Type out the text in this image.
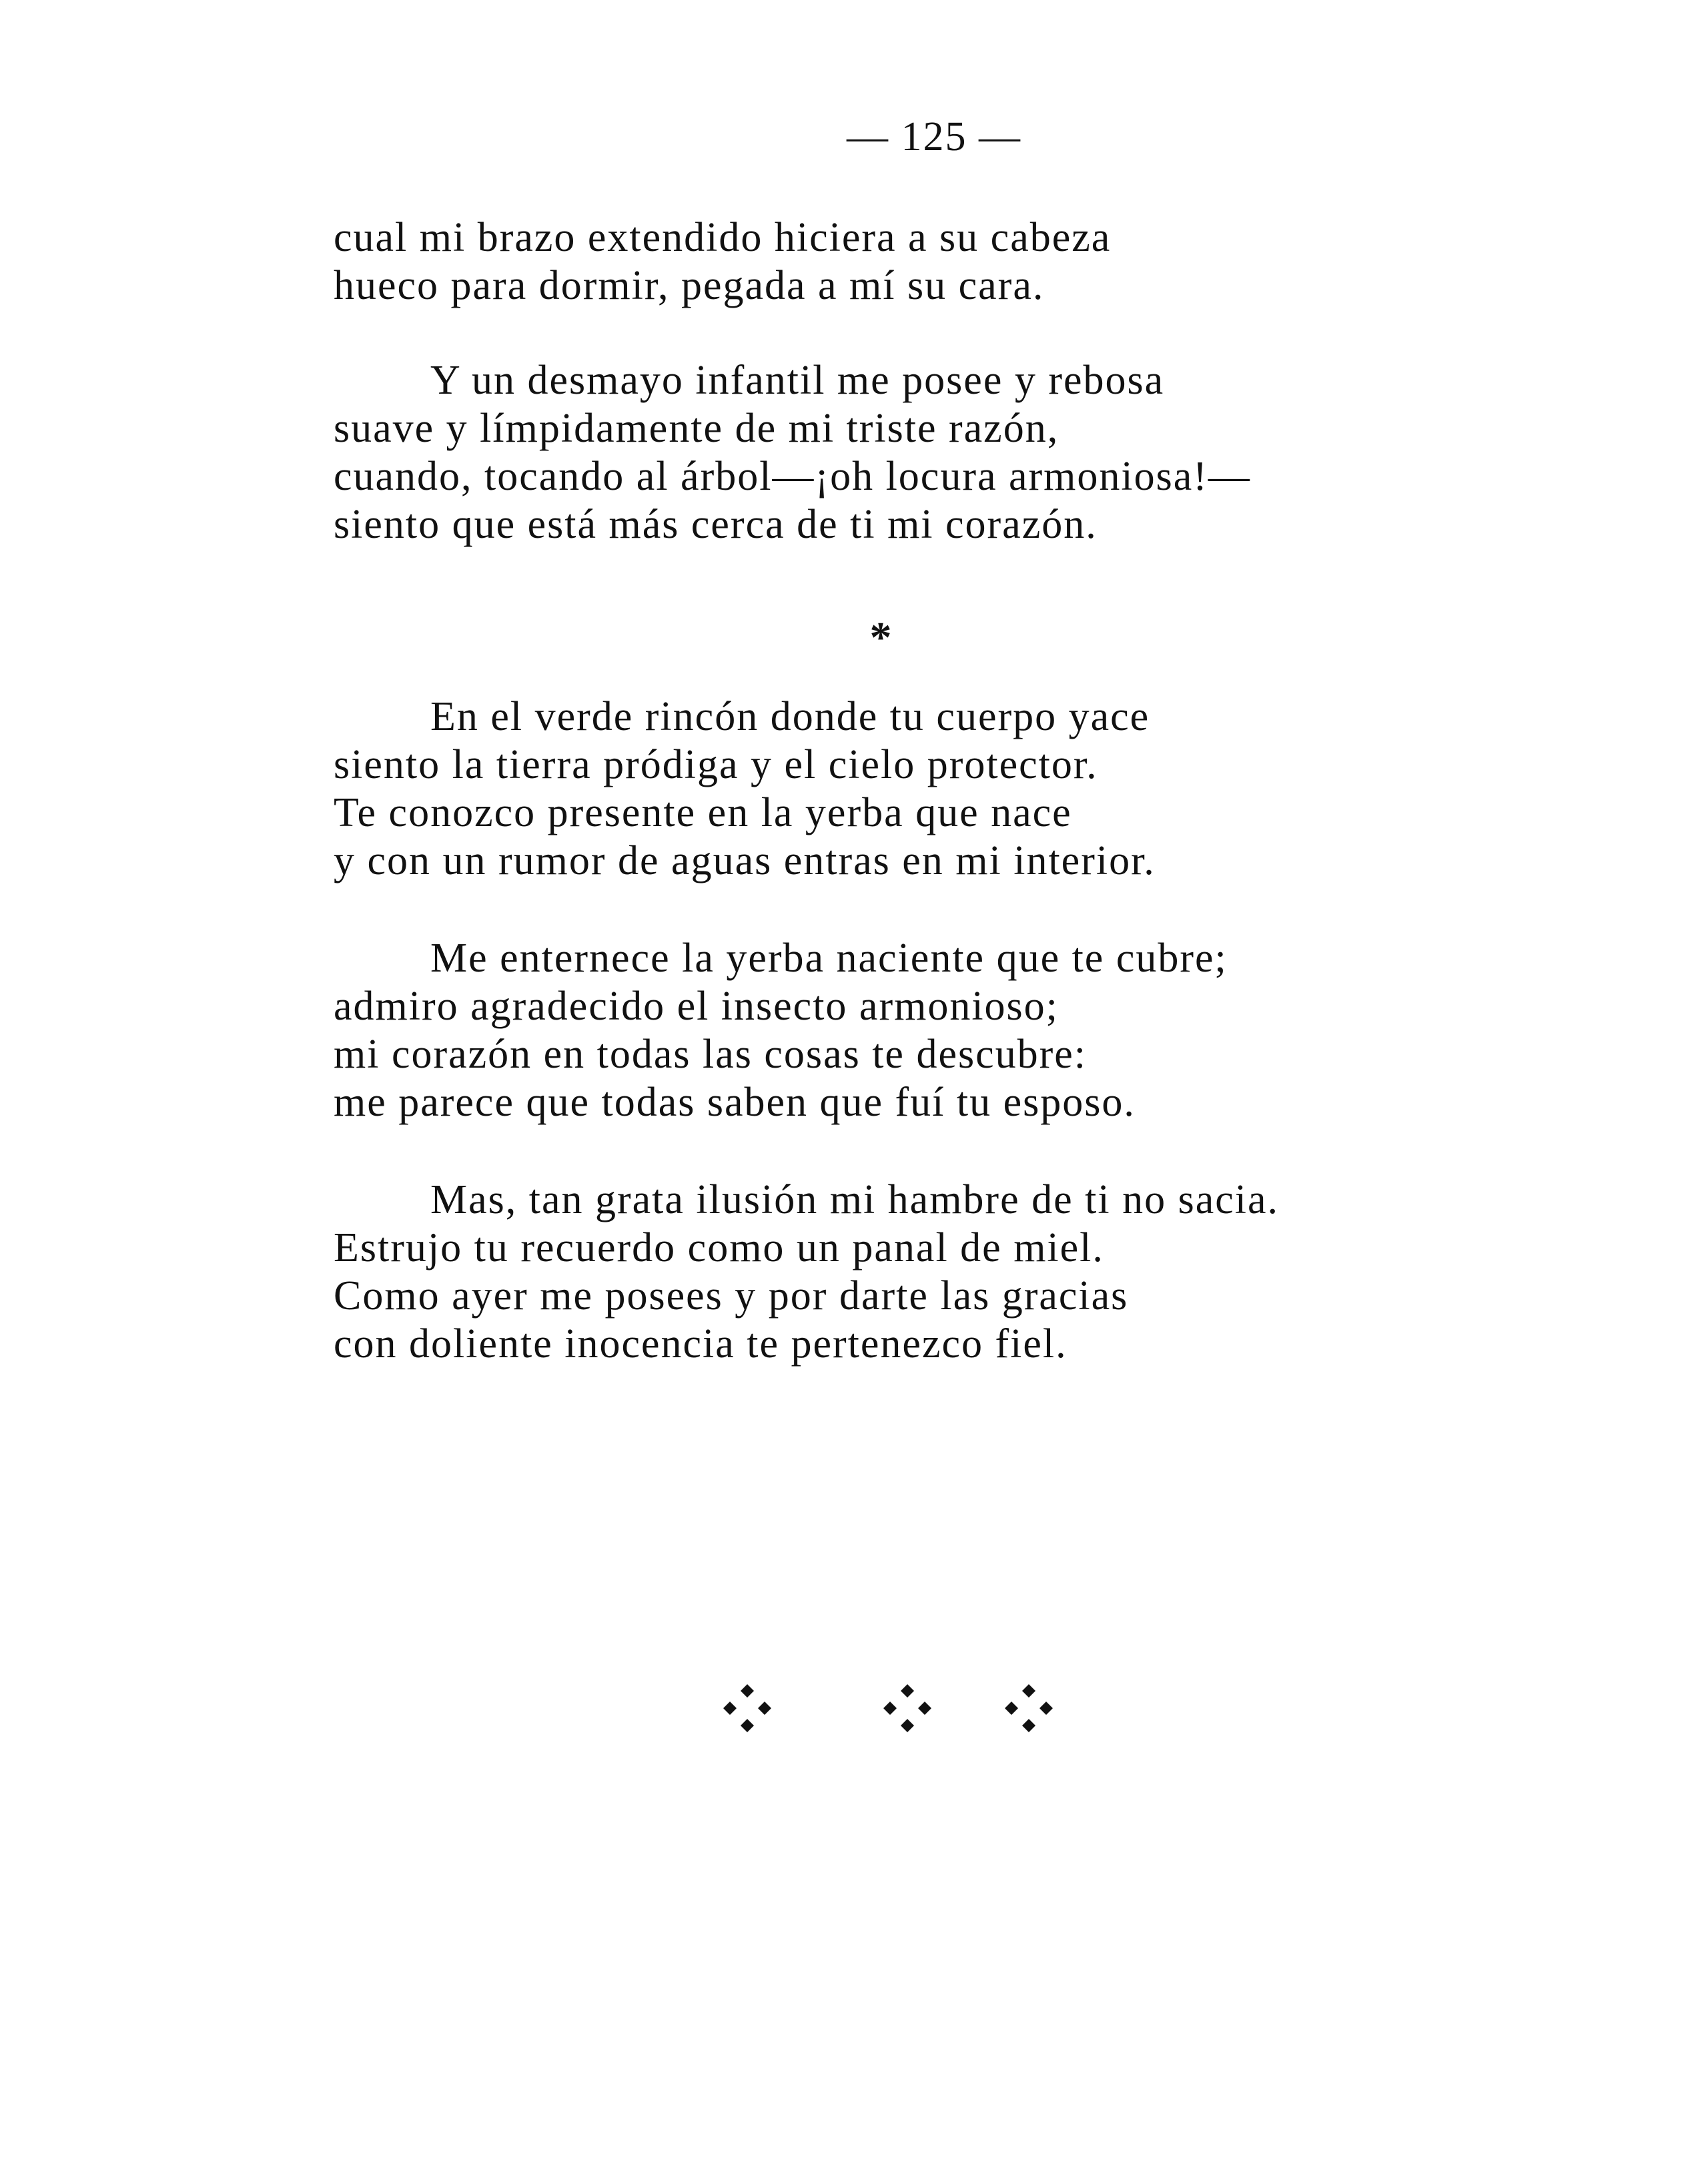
— 125 —
cual mi brazo extendido hiciera a su cabeza
hueco para dormir, pegada a mí su cara.
Y un desmayo infantil me posee y rebosa
suave y límpidamente de mi triste razón,
cuando, tocando al árbol—¡oh locura armoniosa!—
siento que está más cerca de ti mi corazón.
*
En el verde rincón donde tu cuerpo yace
siento la tierra pródiga y el cielo protector.
Te conozco presente en la yerba que nace
y con un rumor de aguas entras en mi interior.
Me enternece la yerba naciente que te cubre;
admiro agradecido el insecto armonioso;
mi corazón en todas las cosas te descubre:
me parece que todas saben que fuí tu esposo.
Mas, tan grata ilusión mi hambre de ti no sacia.
Estrujo tu recuerdo como un panal de miel.
Como ayer me posees y por darte las gracias
con doliente inocencia te pertenezco fiel.
